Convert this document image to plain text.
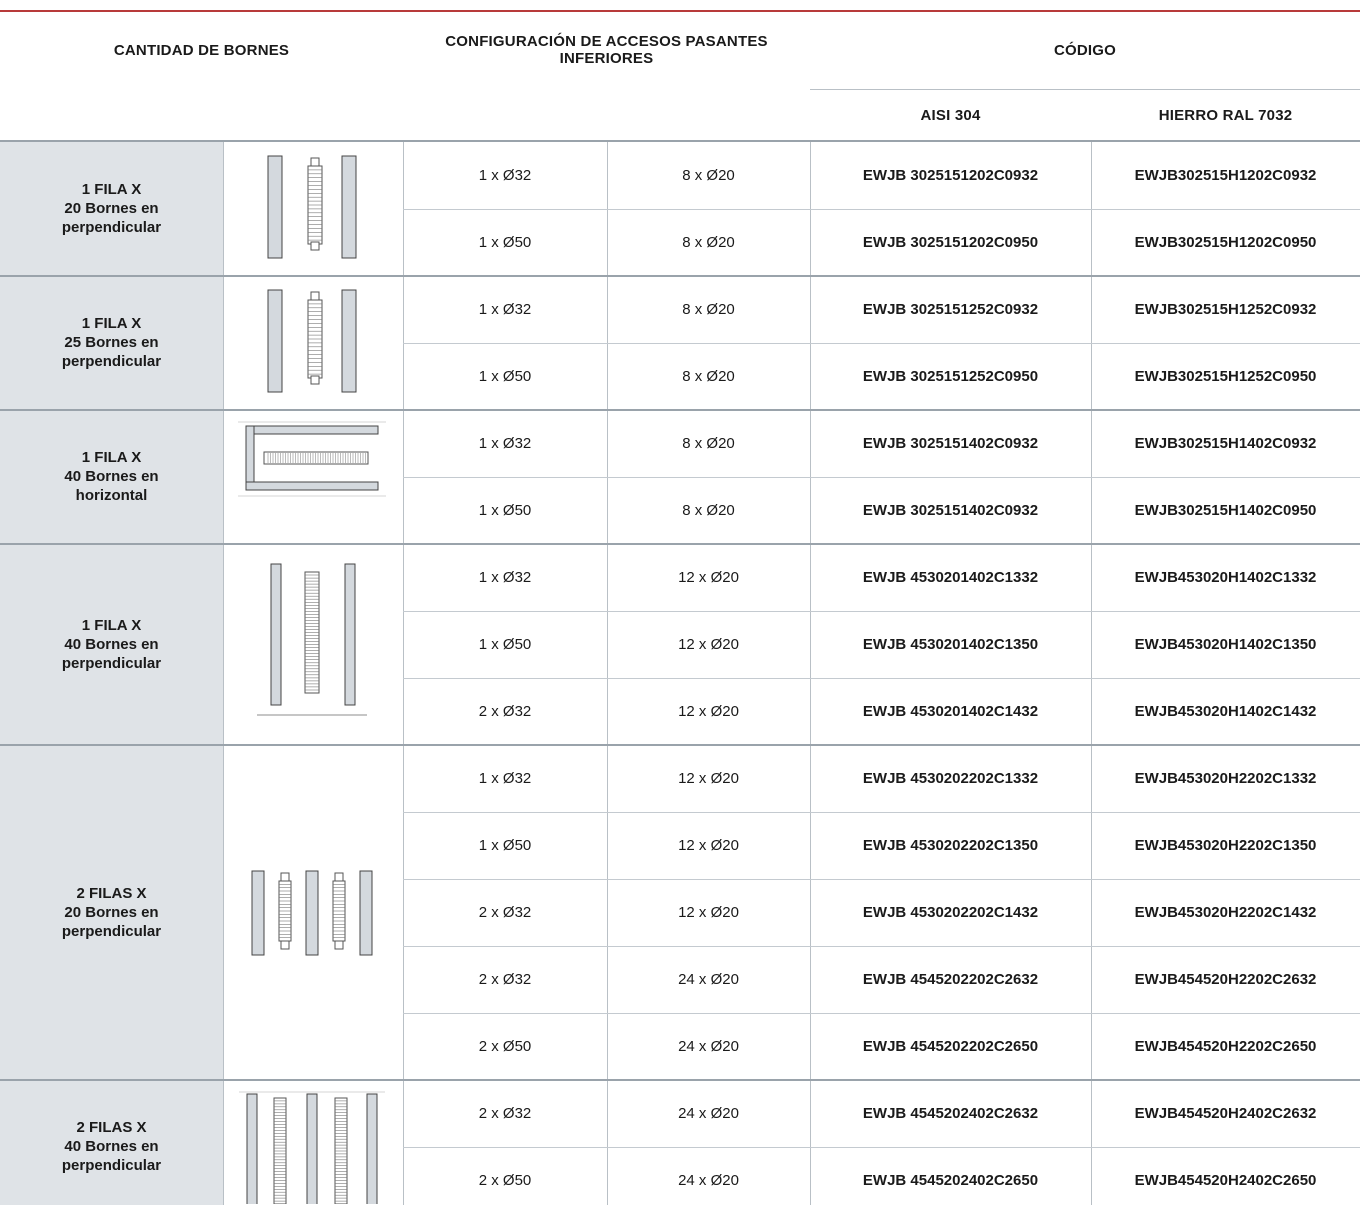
CANTIDAD DE BORNES
CONFIGURACIÓN DE ACCESOS PASANTES
INFERIORES	CÓDIGO
AISI 304	HIERRO RAL 7032
1 FILA X
20 Bornes en
perpendicular
1 x Ø32	8 x Ø20	EWJB 3025151202C0932	EWJB302515H1202C0932
1 x Ø50	8 x Ø20	EWJB 3025151202C0950	EWJB302515H1202C0950
1 FILA X
25 Bornes en
perpendicular
1 x Ø32	8 x Ø20	EWJB 3025151252C0932	EWJB302515H1252C0932
1 x Ø50	8 x Ø20	EWJB 3025151252C0950	EWJB302515H1252C0950
1 FILA X
40 Bornes en
horizontal
1 x Ø32	8 x Ø20	EWJB 3025151402C0932	EWJB302515H1402C0932
1 x Ø50	8 x Ø20	EWJB 3025151402C0932	EWJB302515H1402C0950
1 FILA X
40 Bornes en
perpendicular
1 x Ø32	12 x Ø20	EWJB 4530201402C1332	EWJB453020H1402C1332
1 x Ø50	12 x Ø20	EWJB 4530201402C1350	EWJB453020H1402C1350
2 x Ø32	12 x Ø20	EWJB 4530201402C1432	EWJB453020H1402C1432
2 FILAS X
20 Bornes en
perpendicular
1 x Ø32	12 x Ø20	EWJB 4530202202C1332	EWJB453020H2202C1332
1 x Ø50	12 x Ø20	EWJB 4530202202C1350	EWJB453020H2202C1350
2 x Ø32	12 x Ø20	EWJB 4530202202C1432	EWJB453020H2202C1432
2 x Ø32	24 x Ø20	EWJB 4545202202C2632	EWJB454520H2202C2632
2 x Ø50	24 x Ø20	EWJB 4545202202C2650	EWJB454520H2202C2650
2 FILAS X
40 Bornes en
perpendicular
2 x Ø32	24 x Ø20	EWJB 4545202402C2632	EWJB454520H2402C2632
2 x Ø50	24 x Ø20	EWJB 4545202402C2650	EWJB454520H2402C2650
